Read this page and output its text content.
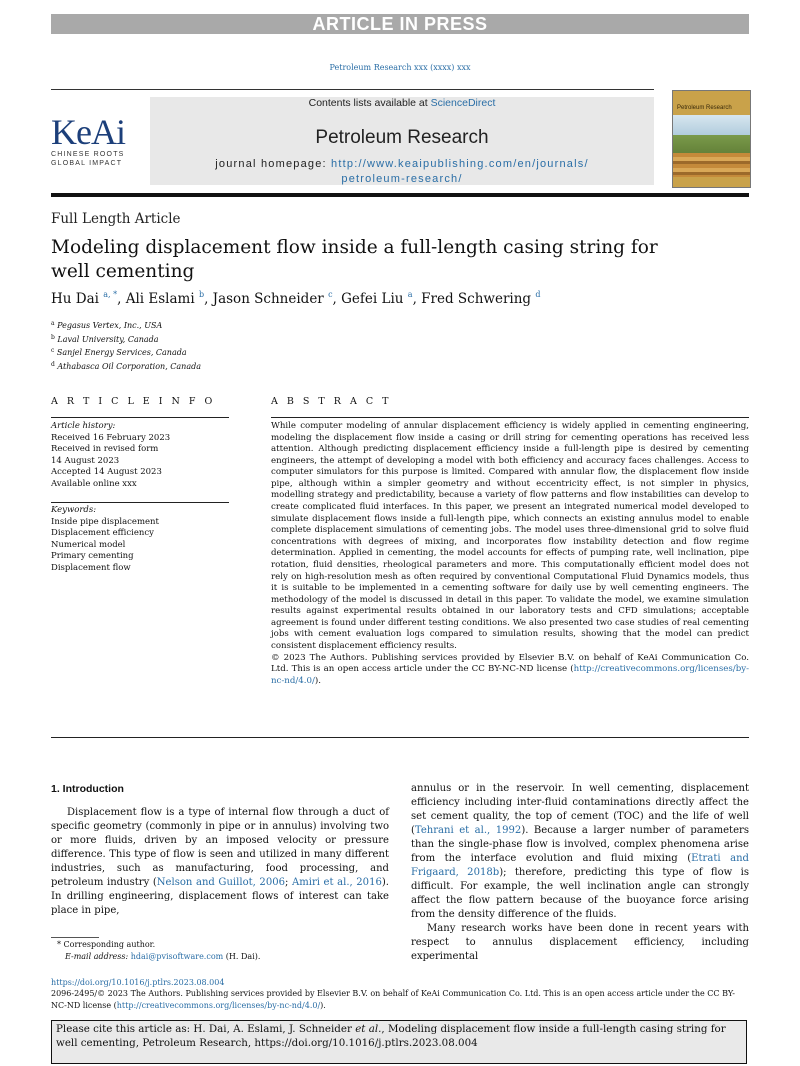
ARTICLE IN PRESS
Petroleum Research xxx (xxxx) xxx
KeAi
CHINESE ROOTS
GLOBAL IMPACT
Contents lists available at ScienceDirect
Petroleum Research
journal homepage: http://www.keaipublishing.com/en/journals/
petroleum-research/
Petroleum Research
Full Length Article
Modeling displacement flow inside a full-length casing string for well cementing
Hu Dai $^{a, *}$, Ali Eslami $^b$, Jason Schneider $^c$, Gefei Liu $^a$, Fred Schwering $^d$
$^a$ Pegasus Vertex, Inc., USA
$^b$ Laval University, Canada
$^c$ Sanjel Energy Services, Canada
$^d$ Athabasca Oil Corporation, Canada
A R T I C L E I N F O	A B S T R A C T
Article history:
Received 16 February 2023
Received in revised form
14 August 2023
Accepted 14 August 2023
Available online xxx
Keywords:
Inside pipe displacement
Displacement efficiency
Numerical model
Primary cementing
Displacement flow
While computer modeling of annular displacement efficiency is widely applied in cementing engineering, modeling the displacement flow inside a casing or drill string for cementing operations has received less attention. Although predicting displacement efficiency inside a full-length pipe is desired by cementing engineers, the attempt of developing a model with both efficiency and accuracy faces challenges. Access to computer simulators for this purpose is limited. Compared with annular flow, the displacement flow inside pipe, although within a simpler geometry and without eccentricity effect, is not simpler in physics, modelling strategy and predictability, because a variety of flow patterns and flow instabilities can develop to create complicated fluid interfaces. In this paper, we present an integrated numerical model developed to simulate displacement flows inside a full-length pipe, which connects an existing annulus model to enable complete displacement simulations of cementing jobs. The model uses three-dimensional grid to solve fluid concentrations with degrees of mixing, and incorporates flow instability detection and flow regime determination. Applied in cementing, the model accounts for effects of pumping rate, well inclination, pipe rotation, fluid densities, rheological parameters and more. This computationally efficient model does not rely on high-resolution mesh as often required by conventional Computational Fluid Dynamics models, thus it is suitable to be implemented in a cementing software for daily use by well cementing engineers. The methodology of the model is discussed in detail in this paper. To validate the model, we examine simulation results against experimental results obtained in our laboratory tests and CFD simulations; acceptable agreement is found under different testing conditions. We also presented two case studies of real cementing jobs with cement evaluation logs compared to simulation results, showing that the model can predict consistent displacement efficiency results.
© 2023 The Authors. Publishing services provided by Elsevier B.V. on behalf of KeAi Communication Co. Ltd. This is an open access article under the CC BY-NC-ND license (http://creativecommons.org/licenses/by-nc-nd/4.0/).
1. Introduction
Displacement flow is a type of internal flow through a duct of specific geometry (commonly in pipe or in annulus) involving two or more fluids, driven by an imposed velocity or pressure difference. This type of flow is seen and utilized in many different industries, such as manufacturing, food processing, and petroleum industry (Nelson and Guillot, 2006; Amiri et al., 2016). In drilling engineering, displacement flows of interest can take place in pipe,
annulus or in the reservoir. In well cementing, displacement efficiency including inter-fluid contaminations directly affect the set cement quality, the top of cement (TOC) and the life of well (Tehrani et al., 1992). Because a larger number of parameters than the single-phase flow is involved, complex phenomena arise from the interface evolution and fluid mixing (Etrati and Frigaard, 2018b); therefore, predicting this type of flow is difficult. For example, the well inclination angle can strongly affect the flow pattern because of the buoyance force arising from the density difference of the fluids.
Many research works have been done in recent years with respect to annulus displacement efficiency, including experimental
* Corresponding author.
E-mail address: hdai@pvisoftware.com (H. Dai).
https://doi.org/10.1016/j.ptlrs.2023.08.004
2096-2495/© 2023 The Authors. Publishing services provided by Elsevier B.V. on behalf of KeAi Communication Co. Ltd. This is an open access article under the CC BY-NC-ND license (http://creativecommons.org/licenses/by-nc-nd/4.0/).
Please cite this article as: H. Dai, A. Eslami, J. Schneider et al., Modeling displacement flow inside a full-length casing string for well cementing, Petroleum Research, https://doi.org/10.1016/j.ptlrs.2023.08.004
